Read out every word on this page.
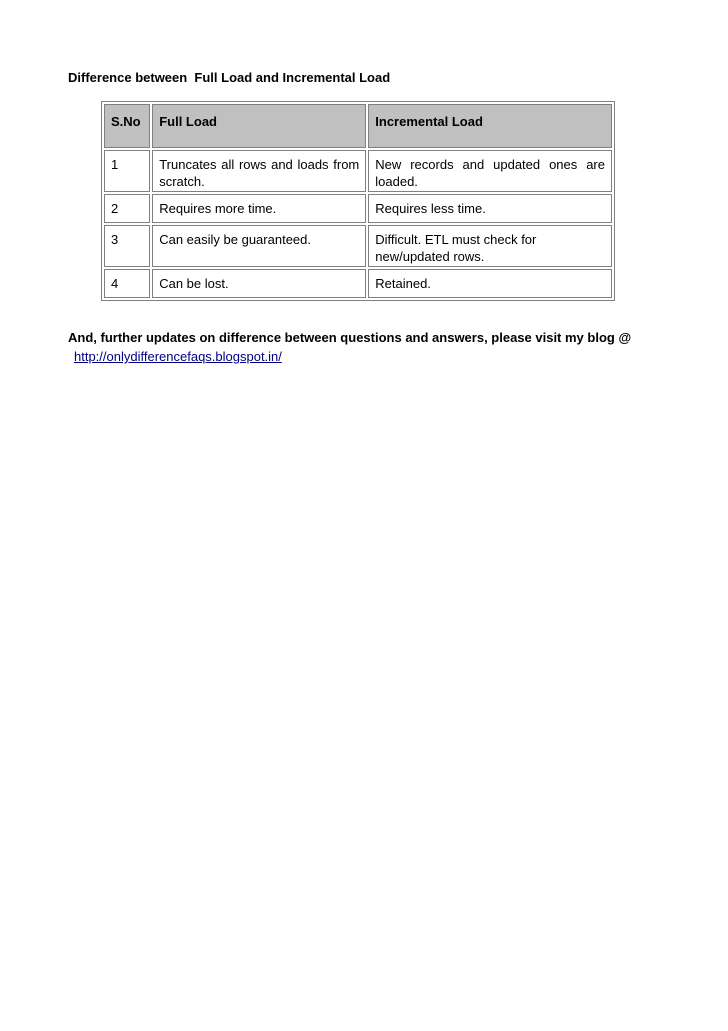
Difference between  Full Load and Incremental Load
S.No	Full Load	Incremental Load
1	Truncates all rows and loads from scratch.	New records and updated ones are loaded.
2	Requires more time.	Requires less time.
3	Can easily be guaranteed.	Difficult. ETL must check for new/updated rows.
4	Can be lost.	Retained.
And, further updates on difference between questions and answers, please visit my blog @ http://onlydifferencefaqs.blogspot.in/
